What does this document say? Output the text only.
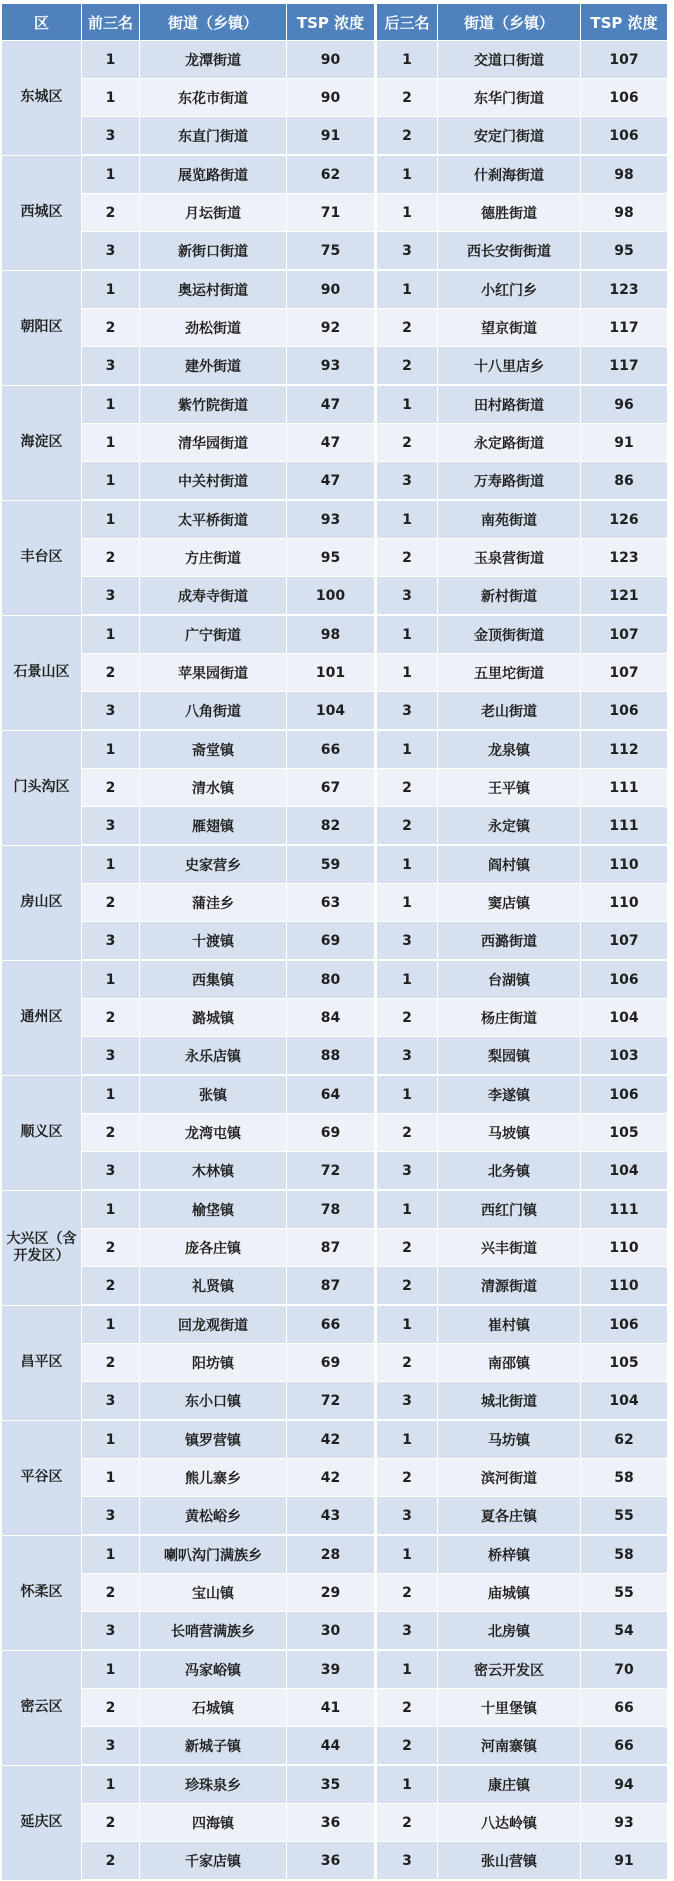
区	前三名	街道（乡镇）	TSP 浓度	后三名	街道（乡镇）	TSP 浓度
东城区	1	龙潭街道	90	1	交道口街道	107
	1	东花市街道	90	2	东华门街道	106
	3	东直门街道	91	2	安定门街道	106
西城区	1	展览路街道	62	1	什刹海街道	98
	2	月坛街道	71	1	德胜街道	98
	3	新街口街道	75	3	西长安街街道	95
朝阳区	1	奥运村街道	90	1	小红门乡	123
	2	劲松街道	92	2	望京街道	117
	3	建外街道	93	2	十八里店乡	117
海淀区	1	紫竹院街道	47	1	田村路街道	96
	1	清华园街道	47	2	永定路街道	91
	1	中关村街道	47	3	万寿路街道	86
丰台区	1	太平桥街道	93	1	南苑街道	126
	2	方庄街道	95	2	玉泉营街道	123
	3	成寿寺街道	100	3	新村街道	121
石景山区	1	广宁街道	98	1	金顶街街道	107
	2	苹果园街道	101	1	五里坨街道	107
	3	八角街道	104	3	老山街道	106
门头沟区	1	斋堂镇	66	1	龙泉镇	112
	2	清水镇	67	2	王平镇	111
	3	雁翅镇	82	2	永定镇	111
房山区	1	史家营乡	59	1	阎村镇	110
	2	蒲洼乡	63	1	窦店镇	110
	3	十渡镇	69	3	西潞街道	107
通州区	1	西集镇	80	1	台湖镇	106
	2	潞城镇	84	2	杨庄街道	104
	3	永乐店镇	88	3	梨园镇	103
顺义区	1	张镇	64	1	李遂镇	106
	2	龙湾屯镇	69	2	马坡镇	105
	3	木林镇	72	3	北务镇	104
大兴区（含开发区）	1	榆垡镇	78	1	西红门镇	111
	2	庞各庄镇	87	2	兴丰街道	110
	2	礼贤镇	87	2	清源街道	110
昌平区	1	回龙观街道	66	1	崔村镇	106
	2	阳坊镇	69	2	南邵镇	105
	3	东小口镇	72	3	城北街道	104
平谷区	1	镇罗营镇	42	1	马坊镇	62
	1	熊儿寨乡	42	2	滨河街道	58
	3	黄松峪乡	43	3	夏各庄镇	55
怀柔区	1	喇叭沟门满族乡	28	1	桥梓镇	58
	2	宝山镇	29	2	庙城镇	55
	3	长哨营满族乡	30	3	北房镇	54
密云区	1	冯家峪镇	39	1	密云开发区	70
	2	石城镇	41	2	十里堡镇	66
	3	新城子镇	44	2	河南寨镇	66
延庆区	1	珍珠泉乡	35	1	康庄镇	94
	2	四海镇	36	2	八达岭镇	93
	2	千家店镇	36	3	张山营镇	91
